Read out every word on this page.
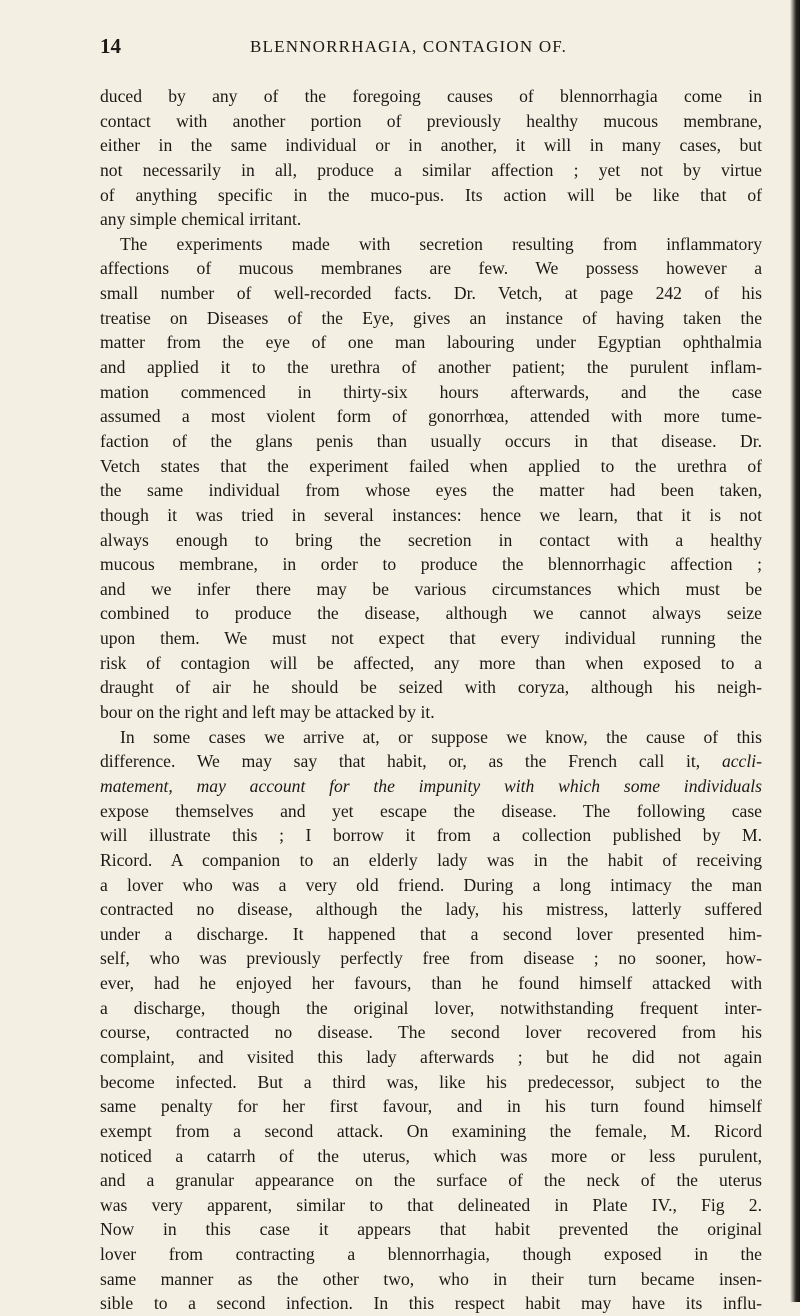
14	BLENNORRHAGIA, CONTAGION OF.
duced by any of the foregoing causes of blennorrhagia come in
contact with another portion of previously healthy mucous membrane,
either in the same individual or in another, it will in many cases, but
not necessarily in all, produce a similar affection ; yet not by virtue
of anything specific in the muco-pus. Its action will be like that of
any simple chemical irritant.
The experiments made with secretion resulting from inflammatory
affections of mucous membranes are few. We possess however a
small number of well-recorded facts. Dr. Vetch, at page 242 of his
treatise on Diseases of the Eye, gives an instance of having taken the
matter from the eye of one man labouring under Egyptian ophthalmia
and applied it to the urethra of another patient; the purulent inflam-
mation commenced in thirty-six hours afterwards, and the case
assumed a most violent form of gonorrhœa, attended with more tume-
faction of the glans penis than usually occurs in that disease. Dr.
Vetch states that the experiment failed when applied to the urethra of
the same individual from whose eyes the matter had been taken,
though it was tried in several instances: hence we learn, that it is not
always enough to bring the secretion in contact with a healthy
mucous membrane, in order to produce the blennorrhagic affection ;
and we infer there may be various circumstances which must be
combined to produce the disease, although we cannot always seize
upon them. We must not expect that every individual running the
risk of contagion will be affected, any more than when exposed to a
draught of air he should be seized with coryza, although his neigh-
bour on the right and left may be attacked by it.
In some cases we arrive at, or suppose we know, the cause of this
difference. We may say that habit, or, as the French call it, accli-
matement, may account for the impunity with which some individuals
expose themselves and yet escape the disease. The following case
will illustrate this ; I borrow it from a collection published by M.
Ricord. A companion to an elderly lady was in the habit of receiving
a lover who was a very old friend. During a long intimacy the man
contracted no disease, although the lady, his mistress, latterly suffered
under a discharge. It happened that a second lover presented him-
self, who was previously perfectly free from disease ; no sooner, how-
ever, had he enjoyed her favours, than he found himself attacked with
a discharge, though the original lover, notwithstanding frequent inter-
course, contracted no disease. The second lover recovered from his
complaint, and visited this lady afterwards ; but he did not again
become infected. But a third was, like his predecessor, subject to the
same penalty for her first favour, and in his turn found himself
exempt from a second attack. On examining the female, M. Ricord
noticed a catarrh of the uterus, which was more or less purulent,
and a granular appearance on the surface of the neck of the uterus
was very apparent, similar to that delineated in Plate IV., Fig 2.
Now in this case it appears that habit prevented the original
lover from contracting a blennorrhagia, though exposed in the
same manner as the other two, who in their turn became insen-
sible to a second infection. In this respect habit may have its influ-
